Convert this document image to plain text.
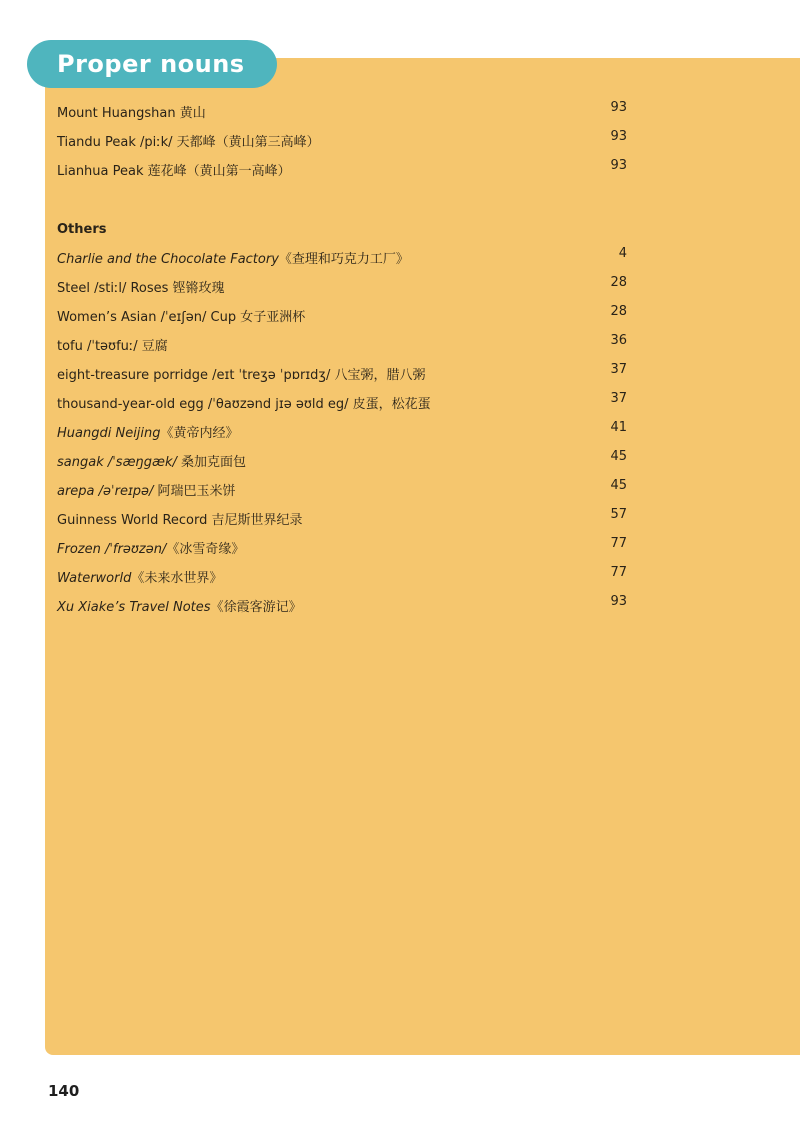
Proper nouns
Mount Huangshan 黄山	93
Tiandu Peak /piːk/ 天都峰（黄山第三高峰）	93
Lianhua Peak 莲花峰（黄山第一高峰）	93
Others
Charlie and the Chocolate Factory《查理和巧克力工厂》	4
Steel /stiːl/ Roses 铿锵玫瑰	28
Women’s Asian /ˈeɪʃən/ Cup 女子亚洲杯	28
tofu /ˈtəʊfuː/ 豆腐	36
eight-treasure porridge /eɪt ˈtreʒə ˈpɒrɪdʒ/ 八宝粥，腊八粥	37
thousand-year-old egg /ˈθaʊzənd jɪə əʊld eg/ 皮蛋，松花蛋	37
Huangdi Neijing《黄帝内经》	41
sangak /ˈsæŋgæk/ 桑加克面包	45
arepa /əˈreɪpə/ 阿瑞巴玉米饼	45
Guinness World Record 吉尼斯世界纪录	57
Frozen /ˈfrəʊzən/《冰雪奇缘》	77
Waterworld《未来水世界》	77
Xu Xiake’s Travel Notes《徐霞客游记》	93
140
